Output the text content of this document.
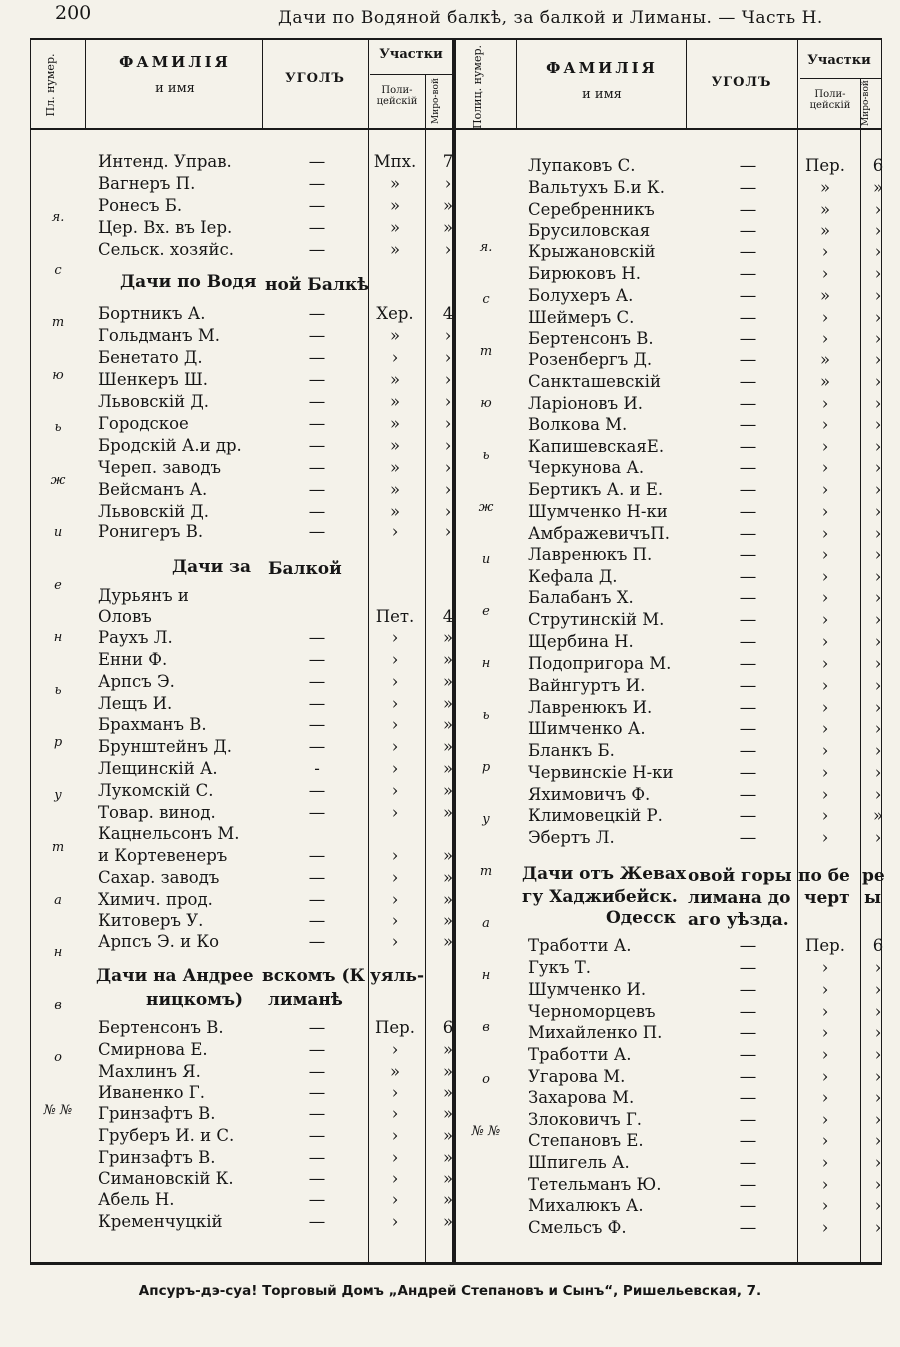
200	Дачи по Водяной балкѣ, за балкой и Лиманы. — Часть Н.
Пл. нумер.	ФАМИЛІЯ
и имя
УГОЛЪ
Участки
Поли-цейскій	Миро-вой	Полиц. нумер.	ФАМИЛІЯ
и имя
УГОЛЪ
Участки
Поли-цейскій	Миро-вой
я.
с
т
ю
ь
ж
и
е
н
ь
р
у
т
а
н
в
о
№ №
я.
с
т
ю
ь
ж
и
е
н
ь
р
у
т
а
н
в
о
№ №
Дачи по Водя ной Балкѣ
Дачи за Балкой
Дачи на Андрее вскомъ (К уяль-
ницкомъ) лиманѣ
Дачи отъ Жевах овой горы по бе ре
гу Хаджибейск. лимана до черт ы
Одесск аго уѣзда.
Интенд. Управ.	—	Мпх.	7
Вагнеръ П.	—	»	›
Ронесъ Б.	—	»	»
Цер. Вх. въ Іер.	—	»	»
Сельск. хозяйс.	—	»	›
Бортникъ А.	—	Хер.	4
Гольдманъ М.	—	»	›
Бенетато Д.	—	›	›
Шенкеръ Ш.	—	»	›
Львовскій Д.	—	»	›
Городское	—	»	›
Бродскій А.и др.	—	»	›
Череп. заводъ	—	»	›
Вейсманъ А.	—	»	›
Львовскій Д.	—	»	›
Ронигеръ В.	—	›	›
Дурьянъ и
Оловъ	Пет.	4
Раухъ Л.	—	›	»
Енни Ф.	—	›	»
Арпсъ Э.	—	›	»
Лещъ И.	—	›	»
Брахманъ В.	—	›	»
Брунштейнъ Д.	—	›	»
Лещинскій А.	-	›	»
Лукомскій С.	—	›	»
Товар. винод.	—	›	»
Кацнельсонъ М.
и Кортевенеръ	—	›	»
Сахар. заводъ	—	›	»
Химич. прод.	—	›	»
Китоверъ У.	—	›	»
Арпсъ Э. и Ко	—	›	»
Бертенсонъ В.	—	Пер.	6
Смирнова Е.	—	›	»
Махлинъ Я.	—	»	»
Иваненко Г.	—	›	»
Гринзафтъ В.	—	›	»
Груберъ И. и С.	—	›	»
Гринзафтъ В.	—	›	»
Симановскій К.	—	›	»
Абель Н.	—	›	»
Кременчуцкій	—	›	»
Лупаковъ С.	—	Пер.	6
Вальтухъ Б.и К.	—	»	»
Серебренникъ	—	»	›
Брусиловская	—	»	›
Крыжановскій	—	›	›
Бирюковъ Н.	—	›	›
Болухеръ А.	—	»	›
Шеймеръ С.	—	›	›
Бертенсонъ В.	—	›	›
Розенбергъ Д.	—	»	›
Санкташевскій	—	»	›
Ларіоновъ И.	—	›	›
Волкова М.	—	›	›
КапишевскаяЕ.	—	›	›
Черкунова А.	—	›	›
Бертикъ А. и Е.	—	›	›
Шумченко Н-ки	—	›	›
АмбражевичъП.	—	›	›
Лавренюкъ П.	—	›	›
Кефала Д.	—	›	›
Балабанъ Х.	—	›	›
Струтинскій М.	—	›	›
Щербина Н.	—	›	›
Подопригора М.	—	›	›
Вайнгуртъ И.	—	›	›
Лавренюкъ И.	—	›	›
Шимченко А.	—	›	›
Бланкъ Б.	—	›	›
Червинскіе Н-ки	—	›	›
Яхимовичъ Ф.	—	›	›
Климовецкій Р.	—	›	»
Эбертъ Л.	—	›	›
Тработти А.	—	Пер.	6
Гукъ Т.	—	›	›
Шумченко И.	—	›	›
Черноморцевъ	—	›	›
Михайленко П.	—	›	›
Тработти А.	—	›	›
Угарова М.	—	›	›
Захарова М.	—	›	›
Злоковичъ Г.	—	›	›
Степановъ Е.	—	›	›
Шпигель А.	—	›	›
Тетельманъ Ю.	—	›	›
Михалюкъ А.	—	›	›
Смельсъ Ф.	—	›	›
Апсуръ-дэ-суа! Торговый Домъ „Андрей Степановъ и Сынъ“, Ришельевская, 7.
